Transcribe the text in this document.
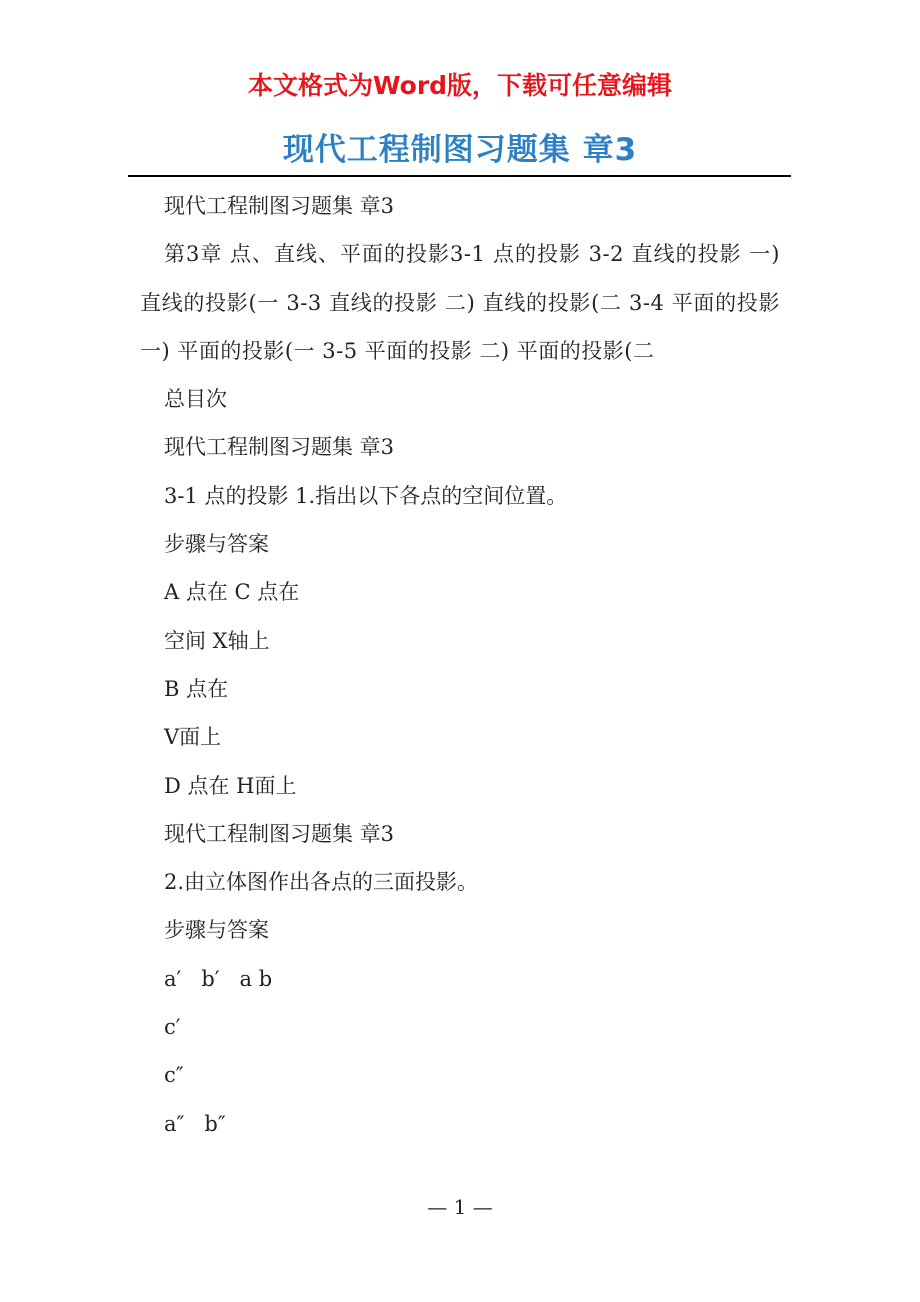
本文格式为Word版，下载可任意编辑
现代工程制图习题集 章3

现代工程制图习题集 章3

第3章 点、直线、平面的投影3-1 点的投影 3-2 直线的投影 一) 直线的投影(一 3-3 直线的投影 二) 直线的投影(二 3-4 平面的投影 一) 平面的投影(一 3-5 平面的投影 二) 平面的投影(二

总目次

现代工程制图习题集 章3

3-1 点的投影 1.指出以下各点的空间位置。

步骤与答案

A 点在 C 点在

空间 X轴上

B 点在

V面上

D 点在 H面上

现代工程制图习题集 章3

2.由立体图作出各点的三面投影。

步骤与答案

a′   b′   a b

c′

c″

a″   b″

— 1 —
